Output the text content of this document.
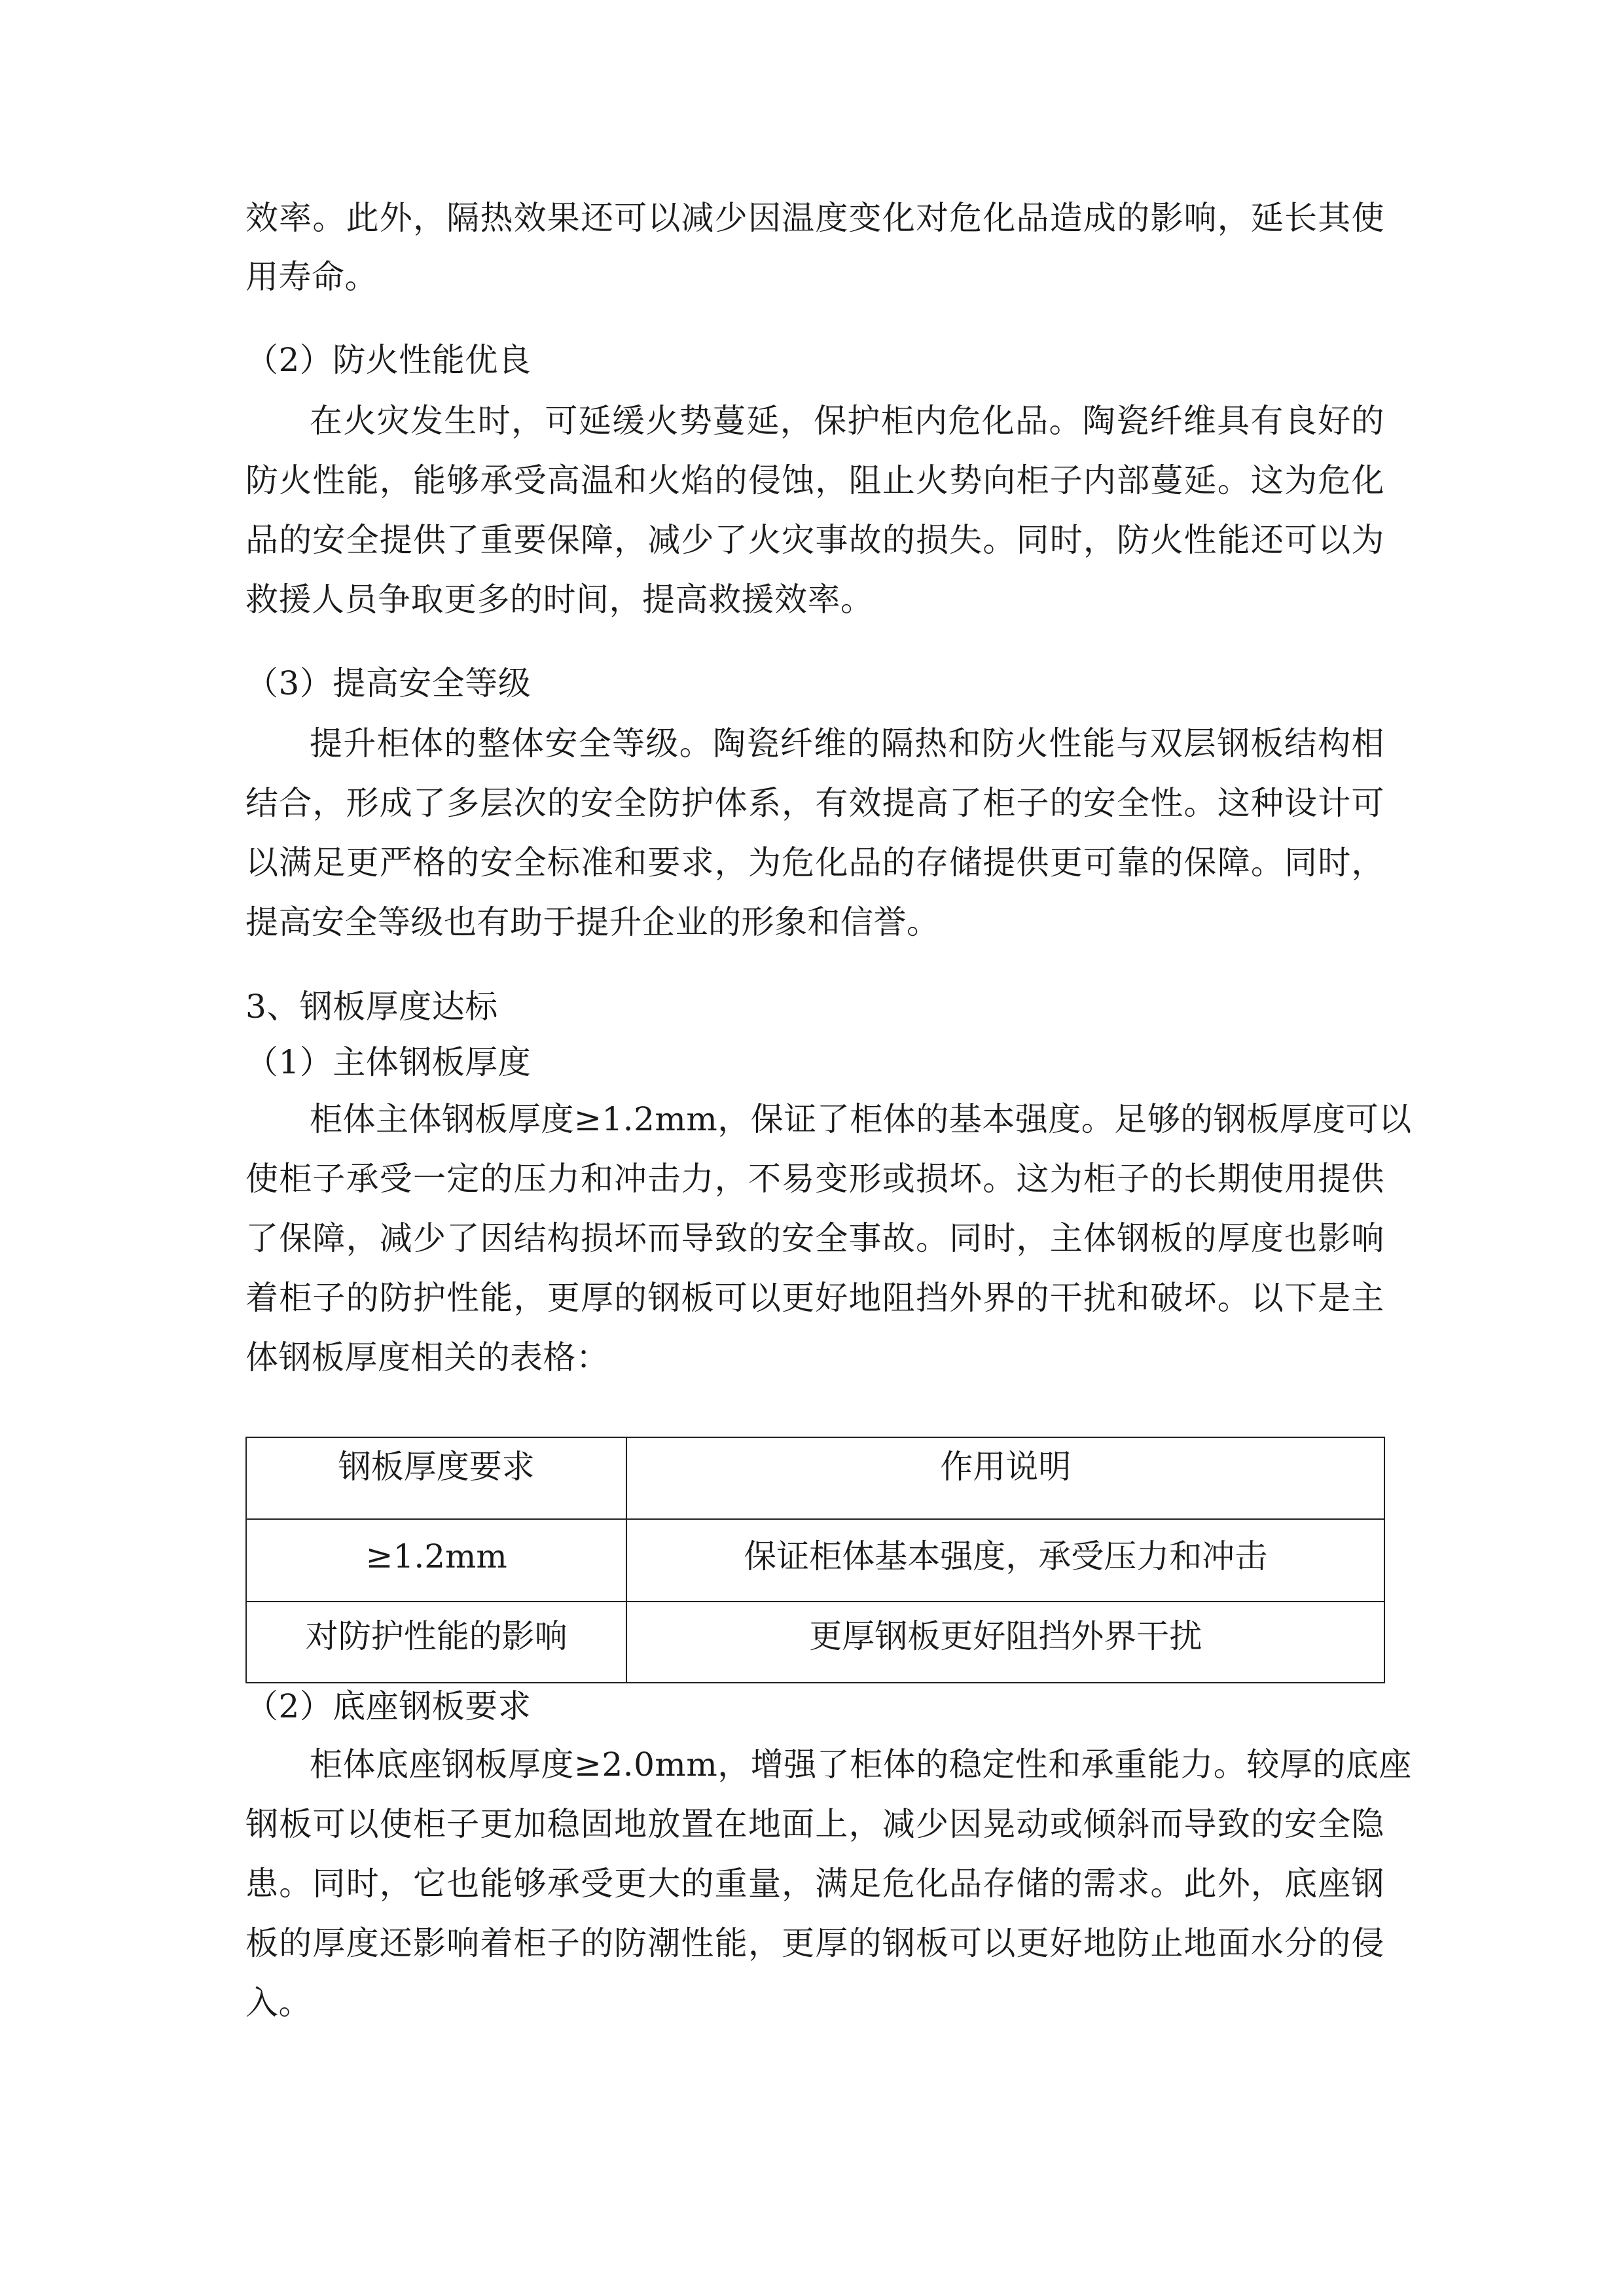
效率。此外，隔热效果还可以减少因温度变化对危化品造成的影响，延长其使
用寿命。
（2）防火性能优良
在火灾发生时，可延缓火势蔓延，保护柜内危化品。陶瓷纤维具有良好的
防火性能，能够承受高温和火焰的侵蚀，阻止火势向柜子内部蔓延。这为危化
品的安全提供了重要保障，减少了火灾事故的损失。同时，防火性能还可以为
救援人员争取更多的时间，提高救援效率。
（3）提高安全等级
提升柜体的整体安全等级。陶瓷纤维的隔热和防火性能与双层钢板结构相
结合，形成了多层次的安全防护体系，有效提高了柜子的安全性。这种设计可
以满足更严格的安全标准和要求，为危化品的存储提供更可靠的保障。同时，
提高安全等级也有助于提升企业的形象和信誉。
3、钢板厚度达标
（1）主体钢板厚度
柜体主体钢板厚度≥1.2mm，保证了柜体的基本强度。足够的钢板厚度可以
使柜子承受一定的压力和冲击力，不易变形或损坏。这为柜子的长期使用提供
了保障，减少了因结构损坏而导致的安全事故。同时，主体钢板的厚度也影响
着柜子的防护性能，更厚的钢板可以更好地阻挡外界的干扰和破坏。以下是主
体钢板厚度相关的表格：
钢板厚度要求	作用说明
≥1.2mm	保证柜体基本强度，承受压力和冲击
对防护性能的影响	更厚钢板更好阻挡外界干扰
（2）底座钢板要求
柜体底座钢板厚度≥2.0mm，增强了柜体的稳定性和承重能力。较厚的底座
钢板可以使柜子更加稳固地放置在地面上，减少因晃动或倾斜而导致的安全隐
患。同时，它也能够承受更大的重量，满足危化品存储的需求。此外，底座钢
板的厚度还影响着柜子的防潮性能，更厚的钢板可以更好地防止地面水分的侵
入。
